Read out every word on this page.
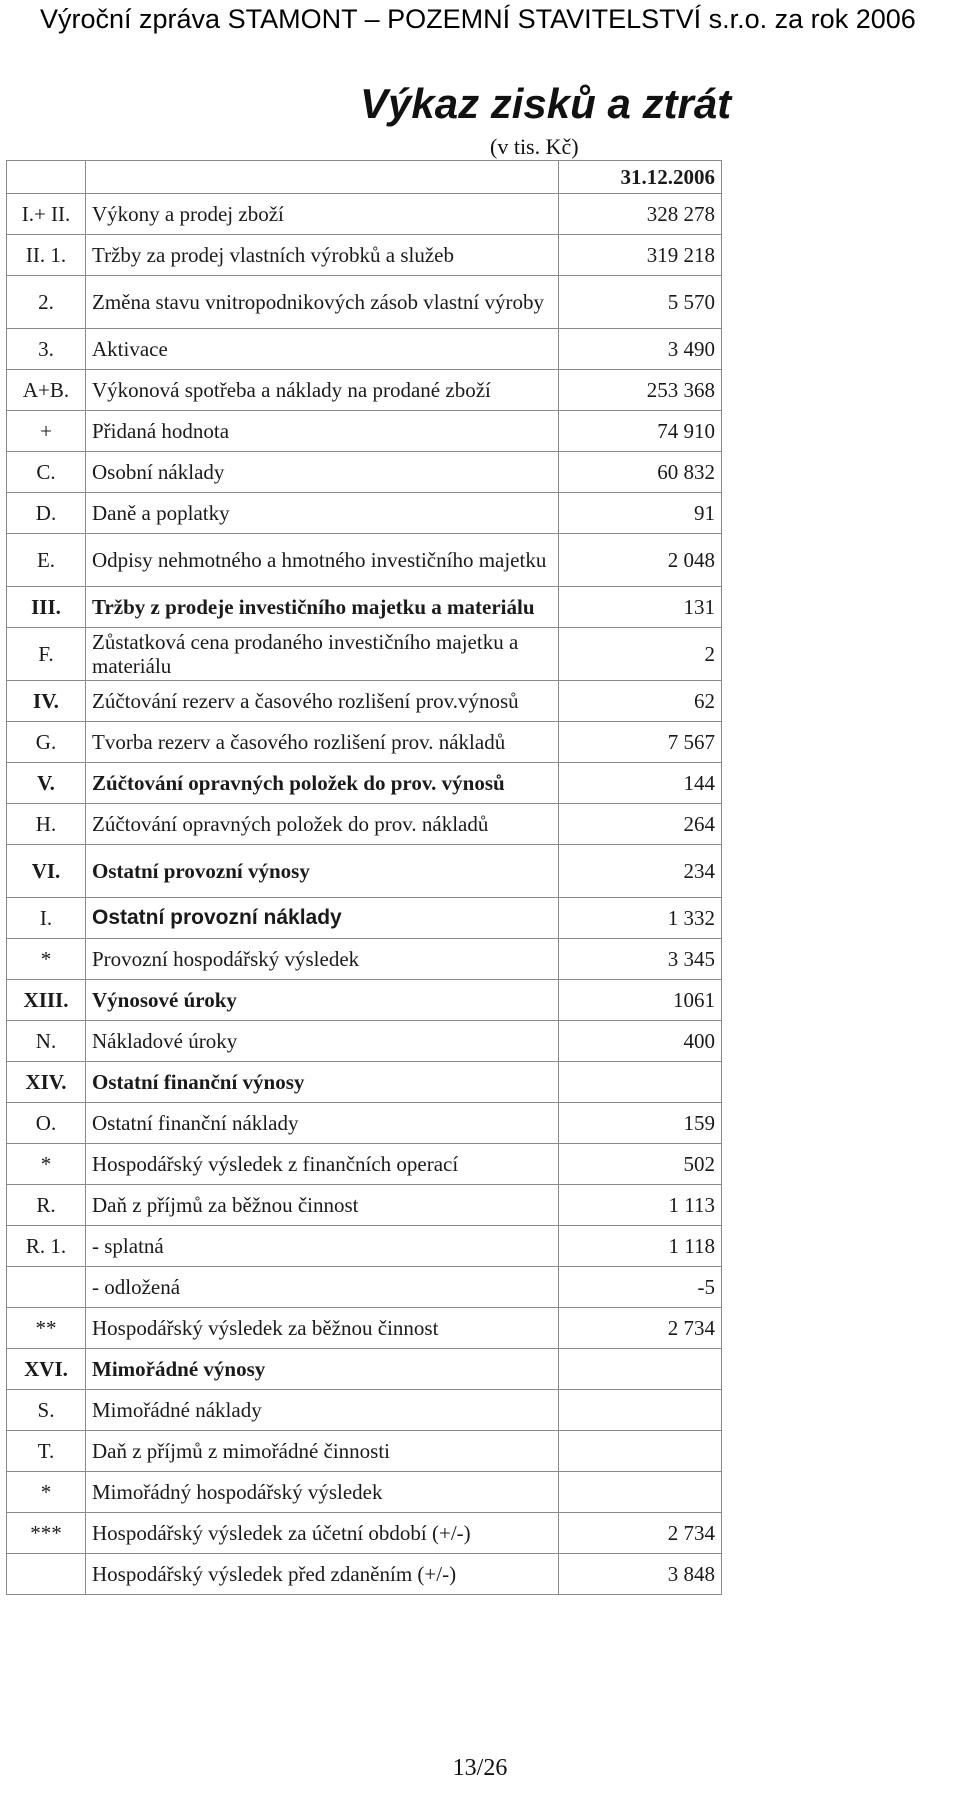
Výroční zpráva STAMONT – POZEMNÍ STAVITELSTVÍ s.r.o. za rok 2006
Výkaz zisků a ztrát
(v tis. Kč)
		31.12.2006
I.+ II.	Výkony a prodej zboží	328 278
II. 1.	Tržby za prodej vlastních výrobků a služeb	319 218
2.	Změna stavu vnitropodnikových zásob vlastní výroby	5 570
3.	Aktivace	3 490
A+B.	Výkonová spotřeba a náklady na prodané zboží	253 368
+	Přidaná hodnota	74 910
C.	Osobní náklady	60 832
D.	Daně a poplatky	91
E.	Odpisy nehmotného a hmotného investičního majetku	2 048
III.	Tržby z prodeje investičního majetku a materiálu	131
F.	Zůstatková cena prodaného investičního majetku a materiálu	2
IV.	Zúčtování rezerv a časového rozlišení prov.výnosů	62
G.	Tvorba rezerv a časového rozlišení prov. nákladů	7 567
V.	Zúčtování opravných položek do prov. výnosů	144
H.	Zúčtování opravných položek do prov. nákladů	264
VI.	Ostatní provozní výnosy	234
I.	Ostatní provozní náklady	1 332
*	Provozní hospodářský výsledek	3 345
XIII.	Výnosové úroky	1061
N.	Nákladové úroky	400
XIV.	Ostatní finanční výnosy	
O.	Ostatní finanční náklady	159
*	Hospodářský výsledek z finančních operací	502
R.	Daň z příjmů za běžnou činnost	1 113
R. 1.	- splatná	1 118
	- odložená	-5
**	Hospodářský výsledek za běžnou činnost	2 734
XVI.	Mimořádné výnosy	
S.	Mimořádné náklady	
T.	Daň z příjmů z mimořádné činnosti	
*	Mimořádný hospodářský výsledek	
***	Hospodářský výsledek za účetní období (+/-)	2 734
	Hospodářský výsledek před zdaněním (+/-)	3 848
13/26
